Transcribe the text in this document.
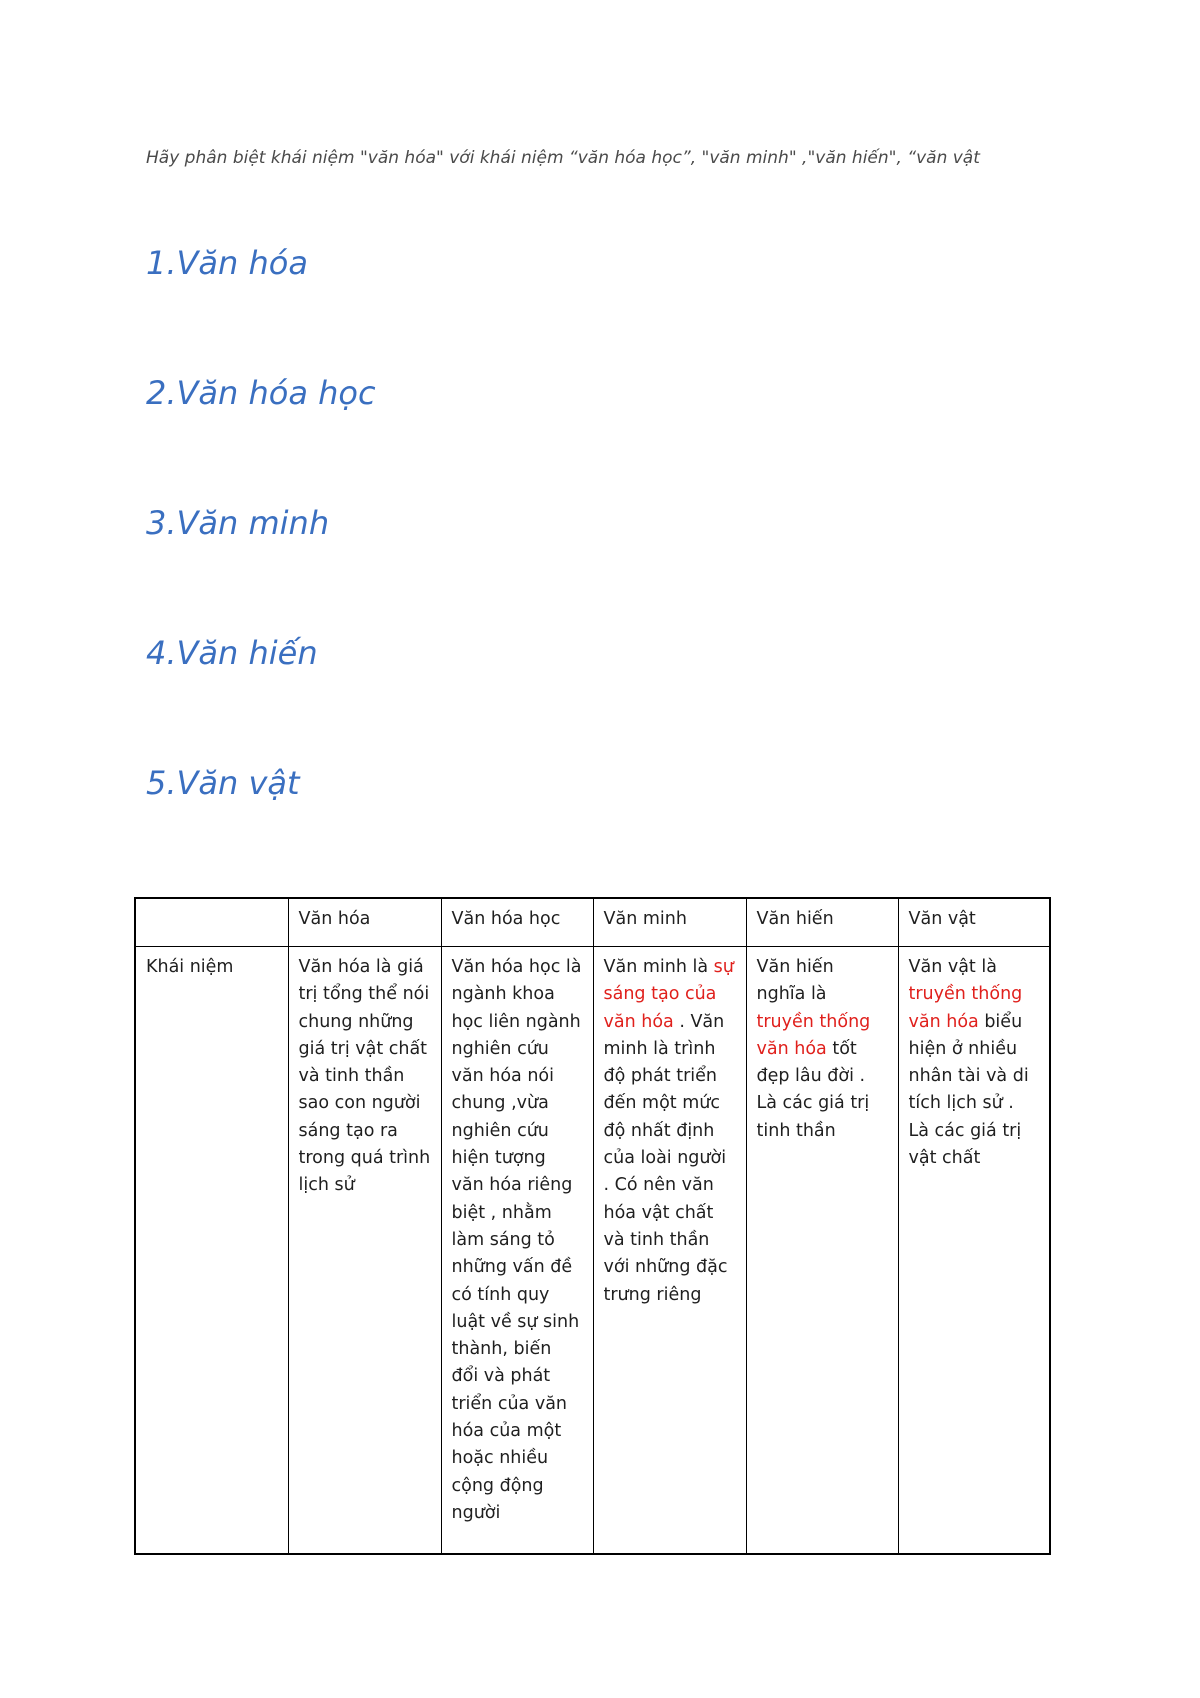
Hãy phân biệt khái niệm "văn hóa" với khái niệm “văn hóa học”, "văn minh" ,"văn hiến", “văn vật
1.Văn hóa
2.Văn hóa học
3.Văn minh
4.Văn hiến
5.Văn vật
	Văn hóa	Văn hóa học	Văn minh	Văn hiến	Văn vật
Khái niệm	Văn hóa là giá trị tổng thể nói chung những giá trị vật chất và tinh thần sao con người sáng tạo ra trong quá trình lịch sử	Văn hóa học là ngành khoa học liên ngành nghiên cứu văn hóa nói chung ,vừa nghiên cứu hiện tượng văn hóa riêng biệt , nhằm làm sáng tỏ những vấn đề có tính quy luật về sự sinh thành, biến đổi và phát triển của văn hóa của một hoặc nhiều cộng động người	Văn minh là sự sáng tạo của văn hóa . Văn minh là trình độ phát triển đến một mức độ nhất định của loài người . Có nên văn hóa vật chất và tinh thần với những đặc trưng riêng	Văn hiến nghĩa là truyền thống văn hóa tốt đẹp lâu đời . Là các giá trị tinh thần	Văn vật là truyền thống văn hóa biểu hiện ở nhiều nhân tài và di tích lịch sử . Là các giá trị vật chất
